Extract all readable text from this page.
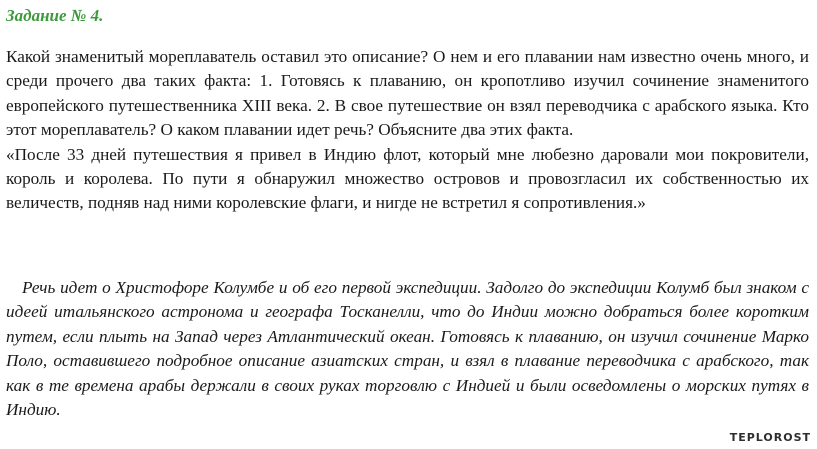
Задание № 4.

Какой знаменитый мореплаватель оставил это описание? О нем и его плавании нам известно очень много, и среди прочего два таких факта: 1. Готовясь к плаванию, он кропотливо изучил сочинение знаменитого европейского путешественника XIII века. 2. В свое путешествие он взял переводчика с арабского языка. Кто этот мореплаватель? О каком плавании идет речь? Объясните два этих факта.

«После 33 дней путешествия я привел в Индию флот, который мне любезно даровали мои покровители, король и королева. По пути я обнаружил множество островов и провозгласил их собственностью их величеств, подняв над ними королевские флаги, и нигде не встретил я сопротивления.»

Речь идет о Христофоре Колумбе и об его первой экспедиции. Задолго до экспедиции Колумб был знаком с идеей итальянского астронома и географа Тосканелли, что до Индии можно добраться более коротким путем, если плыть на Запад через Атлантический океан. Готовясь к плаванию, он изучил сочинение Марко Поло, оставившего подробное описание азиатских стран, и взял в плавание переводчика с арабского, так как в те времена арабы держали в своих руках торговлю с Индией и были осведомлены о морских путях в Индию.

TEPLOROST
